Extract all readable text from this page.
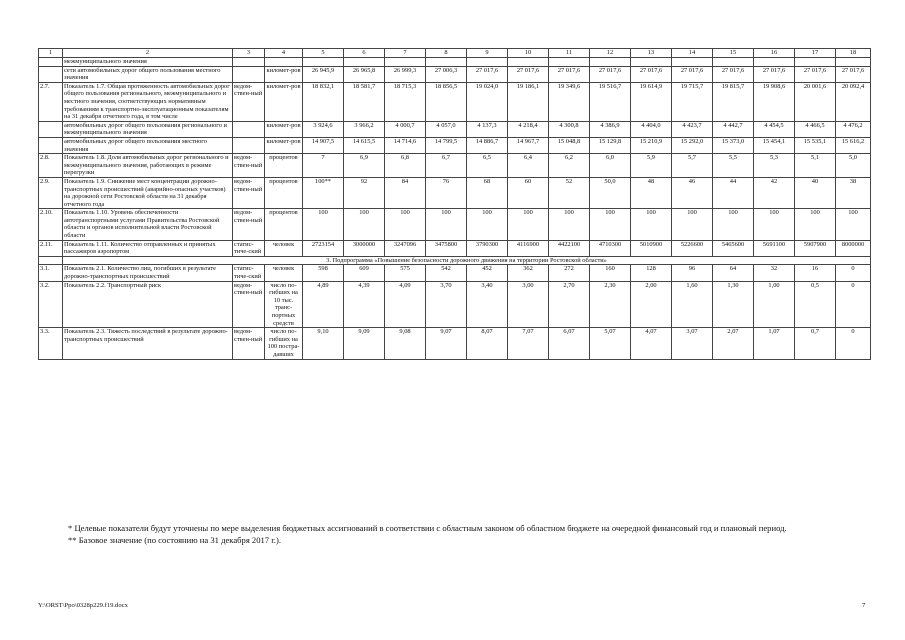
1	2	3	4	5	6	7	8	9	10	11	12	13	14	15	16	17	18
	межмуниципального значения																
	сети автомобильных дорог общего пользования местного значения		километ-ров	26 945,9	26 965,8	26 999,3	27 006,3	27 017,6	27 017,6	27 017,6	27 017,6	27 017,6	27 017,6	27 017,6	27 017,6	27 017,6	27 017,6
2.7.	Показатель 1.7. Общая протяженность автомобильных дорог общего пользования регионального, межмуниципального и местного значения, соответствующих нормативным требованиям к транспортно-эксплуатационным показателям на 31 декабря отчетного года, в том числе	ведом-ствен-ный	километ-ров	18 832,1	18 581,7	18 715,3	18 856,5	19 024,0	19 186,1	19 349,6	19 516,7	19 614,9	19 715,7	19 815,7	19 908,6	20 001,6	20 092,4
	автомобильных дорог общего пользования регионального и межмуниципального значения		километ-ров	3 924,6	3 966,2	4 000,7	4 057,0	4 137,3	4 218,4	4 300,8	4 386,9	4 404,0	4 423,7	4 442,7	4 454,5	4 466,5	4 476,2
	автомобильных дорог общего пользования местного значения		километ-ров	14 907,5	14 615,5	14 714,6	14 799,5	14 886,7	14 967,7	15 048,8	15 129,8	15 210,9	15 292,0	15 373,0	15 454,1	15 535,1	15 616,2
2.8.	Показатель 1.8. Доля автомобильных дорог регионального и межмуниципального значения, работающих в режиме перегрузки	ведом-ствен-ный	процентов	7	6,9	6,8	6,7	6,5	6,4	6,2	6,0	5,9	5,7	5,5	5,3	5,1	5,0
2.9.	Показатель 1.9. Снижение мест концентрации дорожно-транспортных происшествий (аварийно-опасных участков) на дорожной сети Ростовской области на 31 декабря отчетного года	ведом-ствен-ный	процентов	100**	92	84	76	68	60	52	50,0	48	46	44	42	40	38
2.10.	Показатель 1.10. Уровень обеспеченности автотранспортными услугами Правительства Ростовской области и органов исполнительной власти Ростовской области	ведом-ствен-ный	процентов	100	100	100	100	100	100	100	100	100	100	100	100	100	100
2.11.	Показатель 1.11. Количество отправленных и принятых пассажиров аэропортом	статис-тиче-ский	человек	2723154	3000000	3247096	3475800	3790300	4116900	4422100	4710300	5010900	5226600	5465600	5691100	5907900	8000000
	3. Подпрограмма «Повышение безопасности дорожного движения на территории Ростовской области»																
3.1.	Показатель 2.1. Количество лиц, погибших в результате дорожно-транспортных происшествий	статис-тиче-ский	человек	598	609	575	542	452	362	272	160	128	96	64	32	16	0
3.2.	Показатель 2.2. Транспортный риск	ведом-ствен-ный	число по-гибших на 10 тыс. транс-портных средств	4,89	4,39	4,09	3,70	3,40	3,00	2,70	2,30	2,00	1,60	1,30	1,00	0,5	0
3.3.	Показатель 2.3. Тяжесть последствий в результате дорожно-транспортных происшествий	ведом-ствен-ный	число по-гибших на 100 постра-давших	9,10	9,09	9,08	9,07	8,07	7,07	6,07	5,07	4,07	3,07	2,07	1,07	0,7	0

* Целевые показатели будут уточнены по мере выделения бюджетных ассигнований в соответствии с областным законом об областном бюджете на очередной финансовый год и плановый период.

** Базовое значение (по состоянию на 31 декабря 2017 г.).

Y:\ORST\Ppo\0328p229.f19.docx	7
